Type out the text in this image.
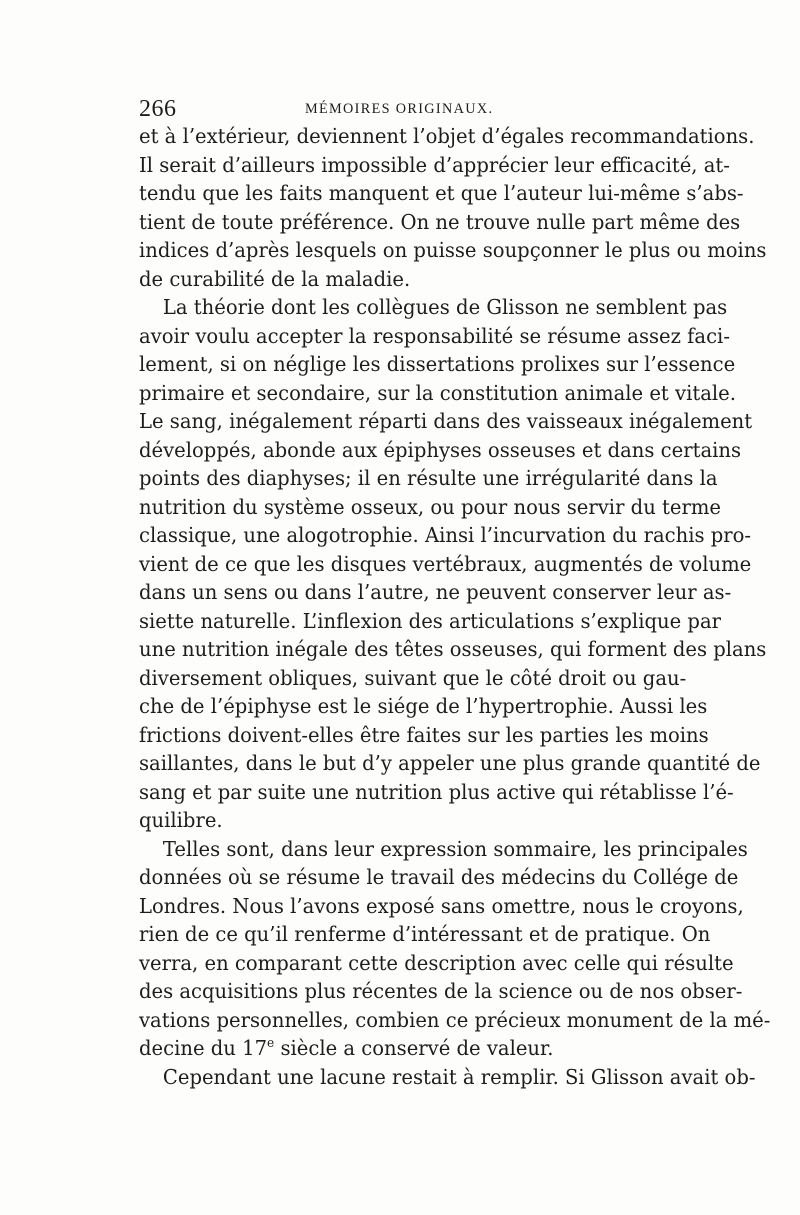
266	MÉMOIRES ORIGINAUX.
et à l’extérieur, deviennent l’objet d’égales recommandations.
Il serait d’ailleurs impossible d’apprécier leur efficacité, at-
tendu que les faits manquent et que l’auteur lui-même s’abs-
tient de toute préférence. On ne trouve nulle part même des
indices d’après lesquels on puisse soupçonner le plus ou moins
de curabilité de la maladie.
La théorie dont les collègues de Glisson ne semblent pas
avoir voulu accepter la responsabilité se résume assez faci-
lement, si on néglige les dissertations prolixes sur l’essence
primaire et secondaire, sur la constitution animale et vitale.
Le sang, inégalement réparti dans des vaisseaux inégalement
développés, abonde aux épiphyses osseuses et dans certains
points des diaphyses; il en résulte une irrégularité dans la
nutrition du système osseux, ou pour nous servir du terme
classique, une alogotrophie. Ainsi l’incurvation du rachis pro-
vient de ce que les disques vertébraux, augmentés de volume
dans un sens ou dans l’autre, ne peuvent conserver leur as-
siette naturelle. L’inflexion des articulations s’explique par
une nutrition inégale des têtes osseuses, qui forment des plans
diversement obliques, suivant que le côté droit ou gau-
che de l’épiphyse est le siége de l’hypertrophie. Aussi les
frictions doivent-elles être faites sur les parties les moins
saillantes, dans le but d’y appeler une plus grande quantité de
sang et par suite une nutrition plus active qui rétablisse l’é-
quilibre.
Telles sont, dans leur expression sommaire, les principales
données où se résume le travail des médecins du Collége de
Londres. Nous l’avons exposé sans omettre, nous le croyons,
rien de ce qu’il renferme d’intéressant et de pratique. On
verra, en comparant cette description avec celle qui résulte
des acquisitions plus récentes de la science ou de nos obser-
vations personnelles, combien ce précieux monument de la mé-
decine du 17e siècle a conservé de valeur.
Cependant une lacune restait à remplir. Si Glisson avait ob-
